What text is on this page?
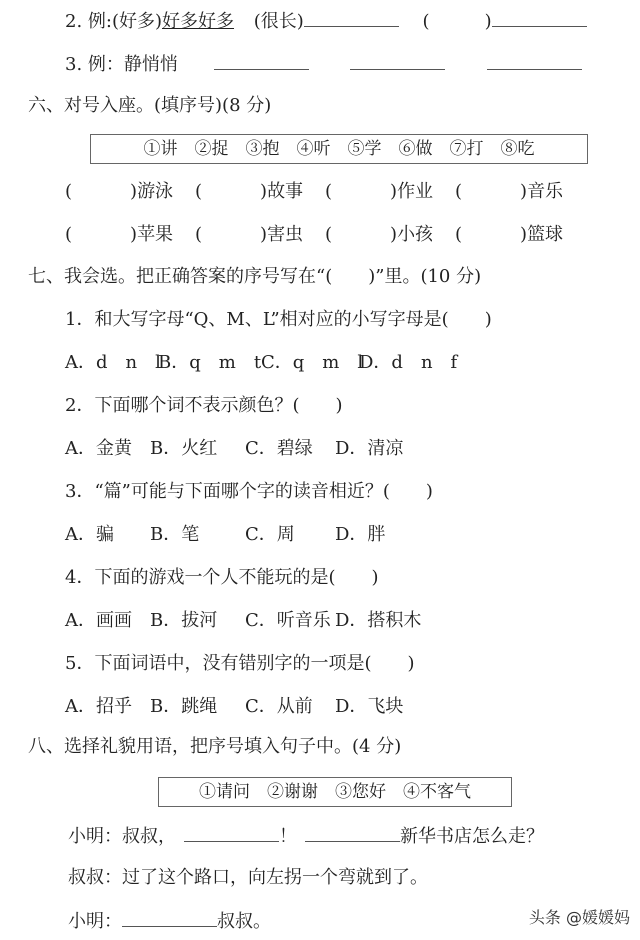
2. 例:(好多)好多好多 (很长)	(	)
3. 例：静悄悄
六、对号入座。(填序号)(8 分)
①讲　②捉　③抱　④听　⑤学　⑥做　⑦打　⑧吃
(	)游泳 (	)故事 (	)作业 (	)音乐
(	)苹果 (	)害虫 (	)小孩 (	)篮球
七、我会选。把正确答案的序号写在“(　　)”里。(10 分)
1．和大写字母“Q、M、L”相对应的小写字母是(　　)
A．d　n　l
B．q　m　t C．q　m　l
D．d　n　f
2．下面哪个词不表示颜色？(　　)
A．金黄 B．火红 C．碧绿 D．清凉
3．“篇”可能与下面哪个字的读音相近？(　　)
A．骗 B．笔	C．周 D．胖
4．下面的游戏一个人不能玩的是(　　)
A．画画 B．拔河 C．听音乐 D．搭积木
5．下面词语中，没有错别字的一项是(　　)
A．招乎 B．跳绳 C．从前 D．飞块
八、选择礼貌用语，把序号填入句子中。(4 分)
①请问　②谢谢　③您好　④不客气
小明：叔叔，	！	新华书店怎么走？
叔叔：过了这个路口，向左拐一个弯就到了。
小明：	叔叔。	头条 @媛媛妈
